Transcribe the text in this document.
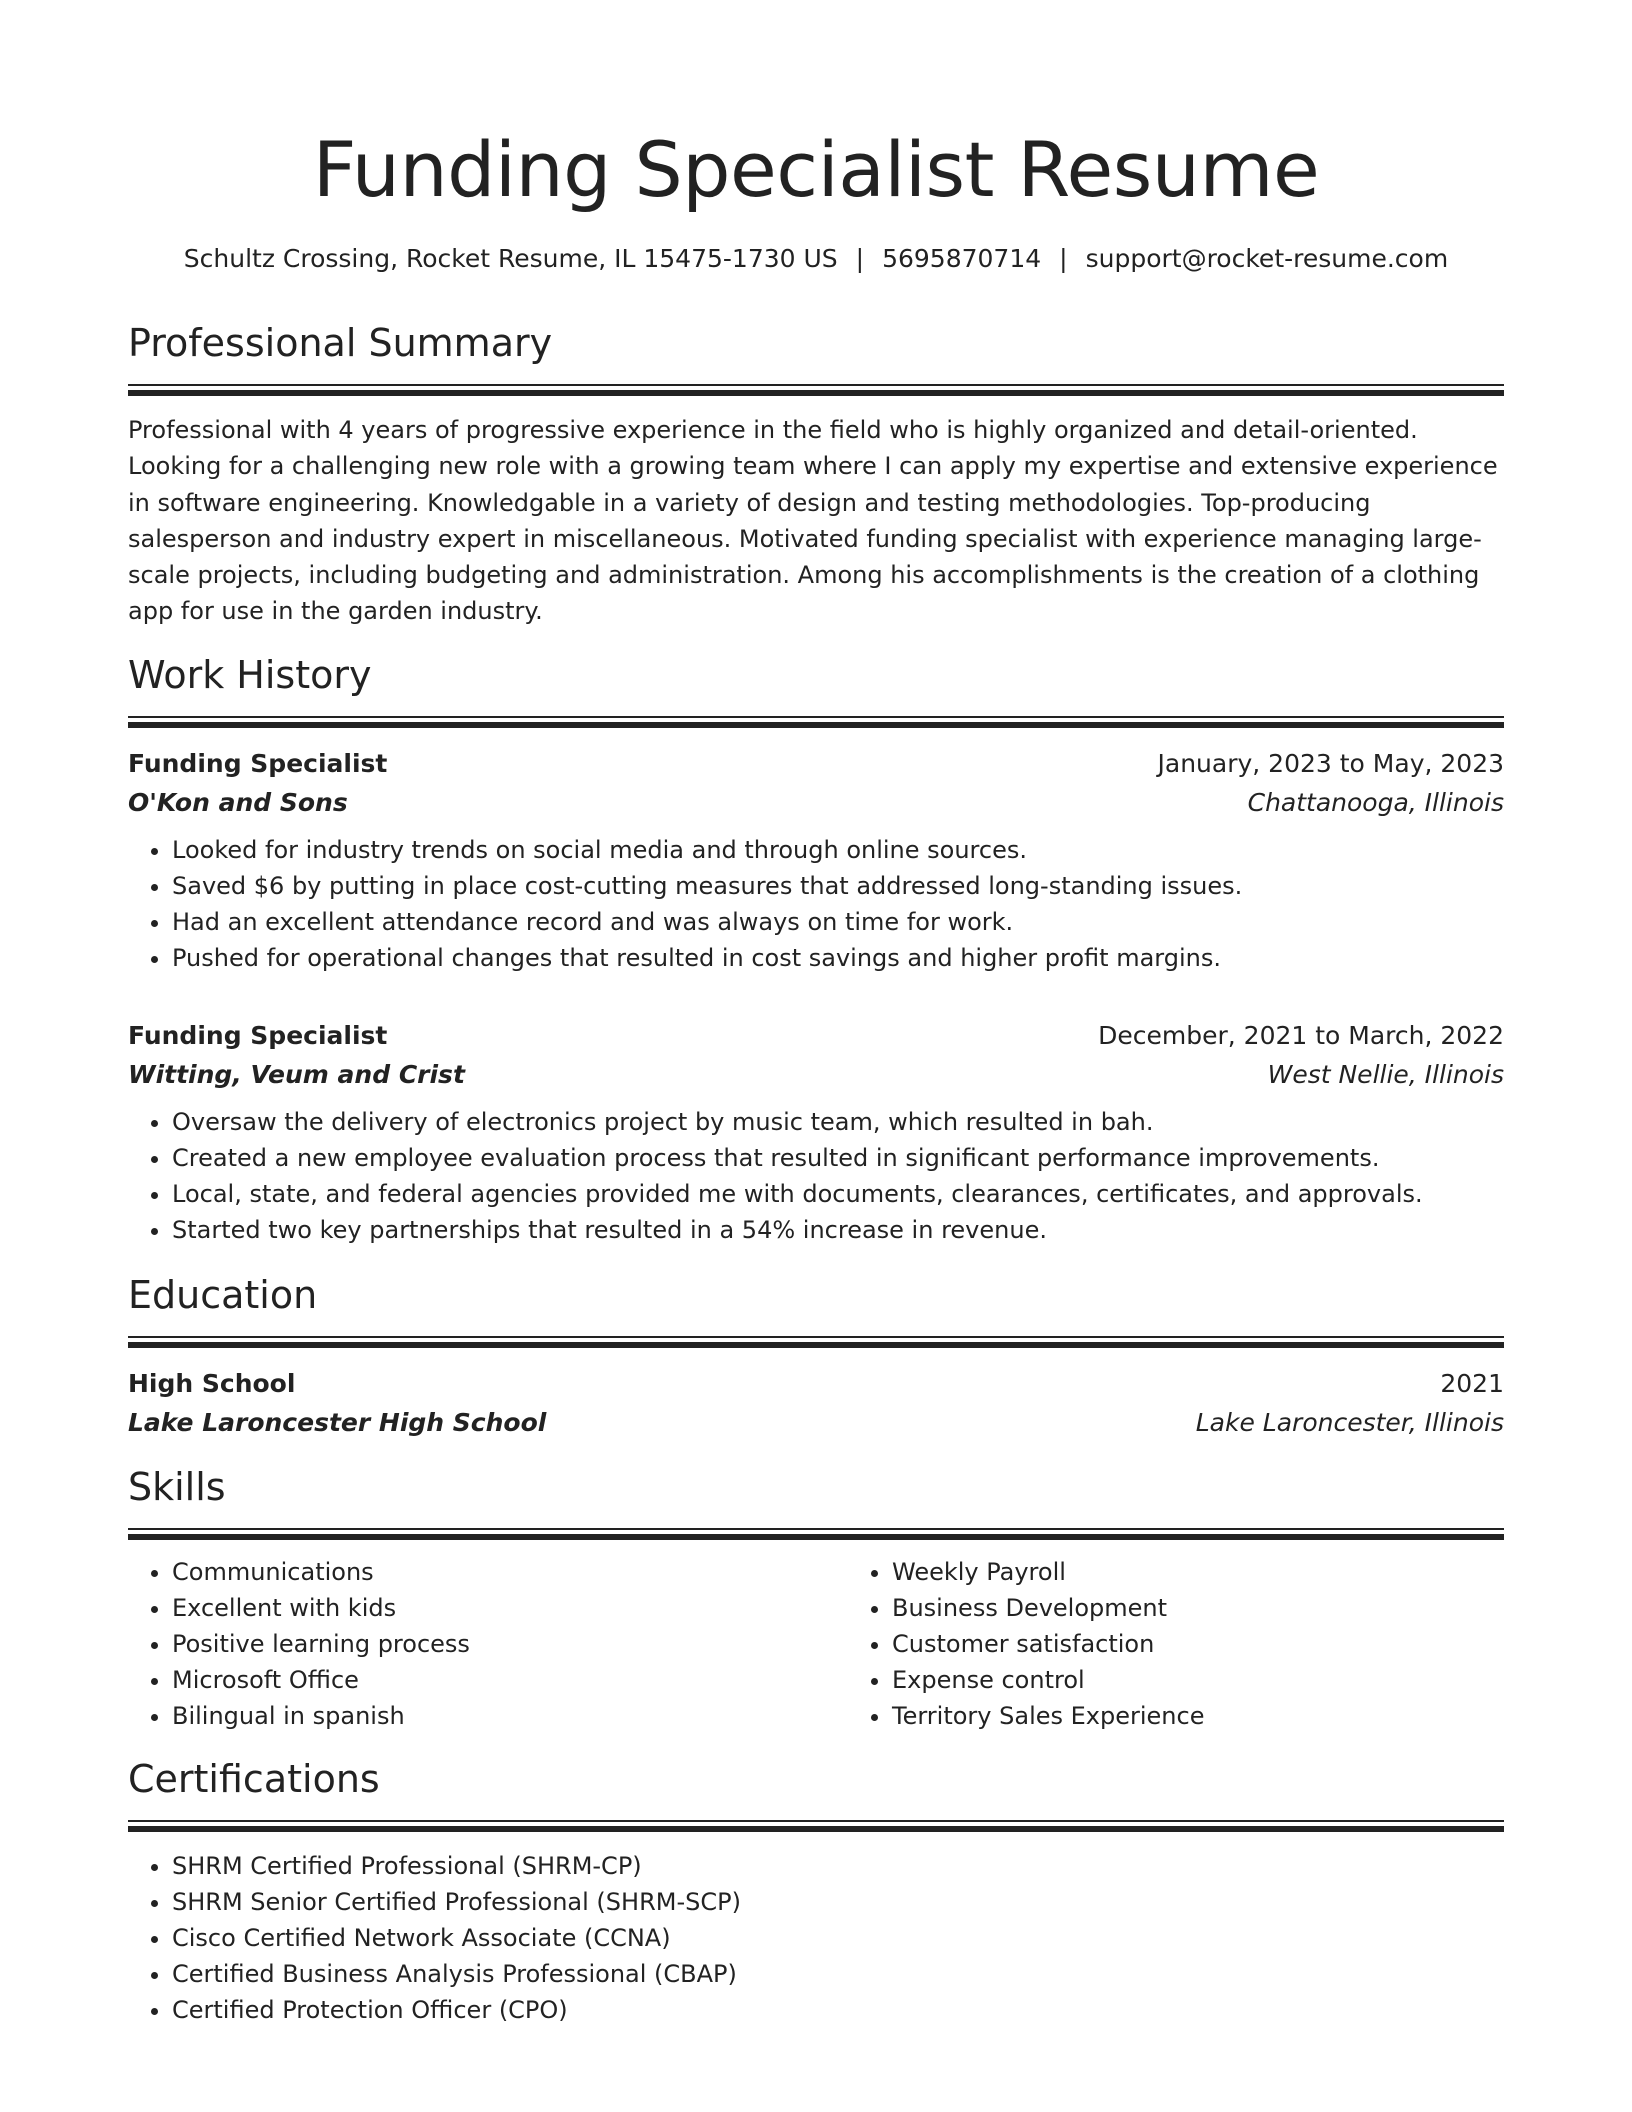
Funding Specialist Resume
Schultz Crossing, Rocket Resume, IL 15475-1730 US | 5695870714 | support@rocket-resume.com
Professional Summary

Professional with 4 years of progressive experience in the field who is highly organized and detail-oriented. Looking for a challenging new role with a growing team where I can apply my expertise and extensive experience in software engineering. Knowledgable in a variety of design and testing methodologies. Top-producing salesperson and industry expert in miscellaneous. Motivated funding specialist with experience managing large-scale projects, including budgeting and administration. Among his accomplishments is the creation of a clothing app for use in the garden industry.

Work History
Funding Specialist	January, 2023 to May, 2023
O'Kon and Sons	Chattanooga, Illinois
• Looked for industry trends on social media and through online sources.
• Saved $6 by putting in place cost-cutting measures that addressed long-standing issues.
• Had an excellent attendance record and was always on time for work.
• Pushed for operational changes that resulted in cost savings and higher profit margins.
Funding Specialist	December, 2021 to March, 2022
Witting, Veum and Crist	West Nellie, Illinois
• Oversaw the delivery of electronics project by music team, which resulted in bah.
• Created a new employee evaluation process that resulted in significant performance improvements.
• Local, state, and federal agencies provided me with documents, clearances, certificates, and approvals.
• Started two key partnerships that resulted in a 54% increase in revenue.
Education
High School	2021
Lake Laroncester High School	Lake Laroncester, Illinois
Skills
• Communications
• Excellent with kids
• Positive learning process
• Microsoft Office
• Bilingual in spanish
• Weekly Payroll
• Business Development
• Customer satisfaction
• Expense control
• Territory Sales Experience
Certifications
• SHRM Certified Professional (SHRM-CP)
• SHRM Senior Certified Professional (SHRM-SCP)
• Cisco Certified Network Associate (CCNA)
• Certified Business Analysis Professional (CBAP)
• Certified Protection Officer (CPO)
